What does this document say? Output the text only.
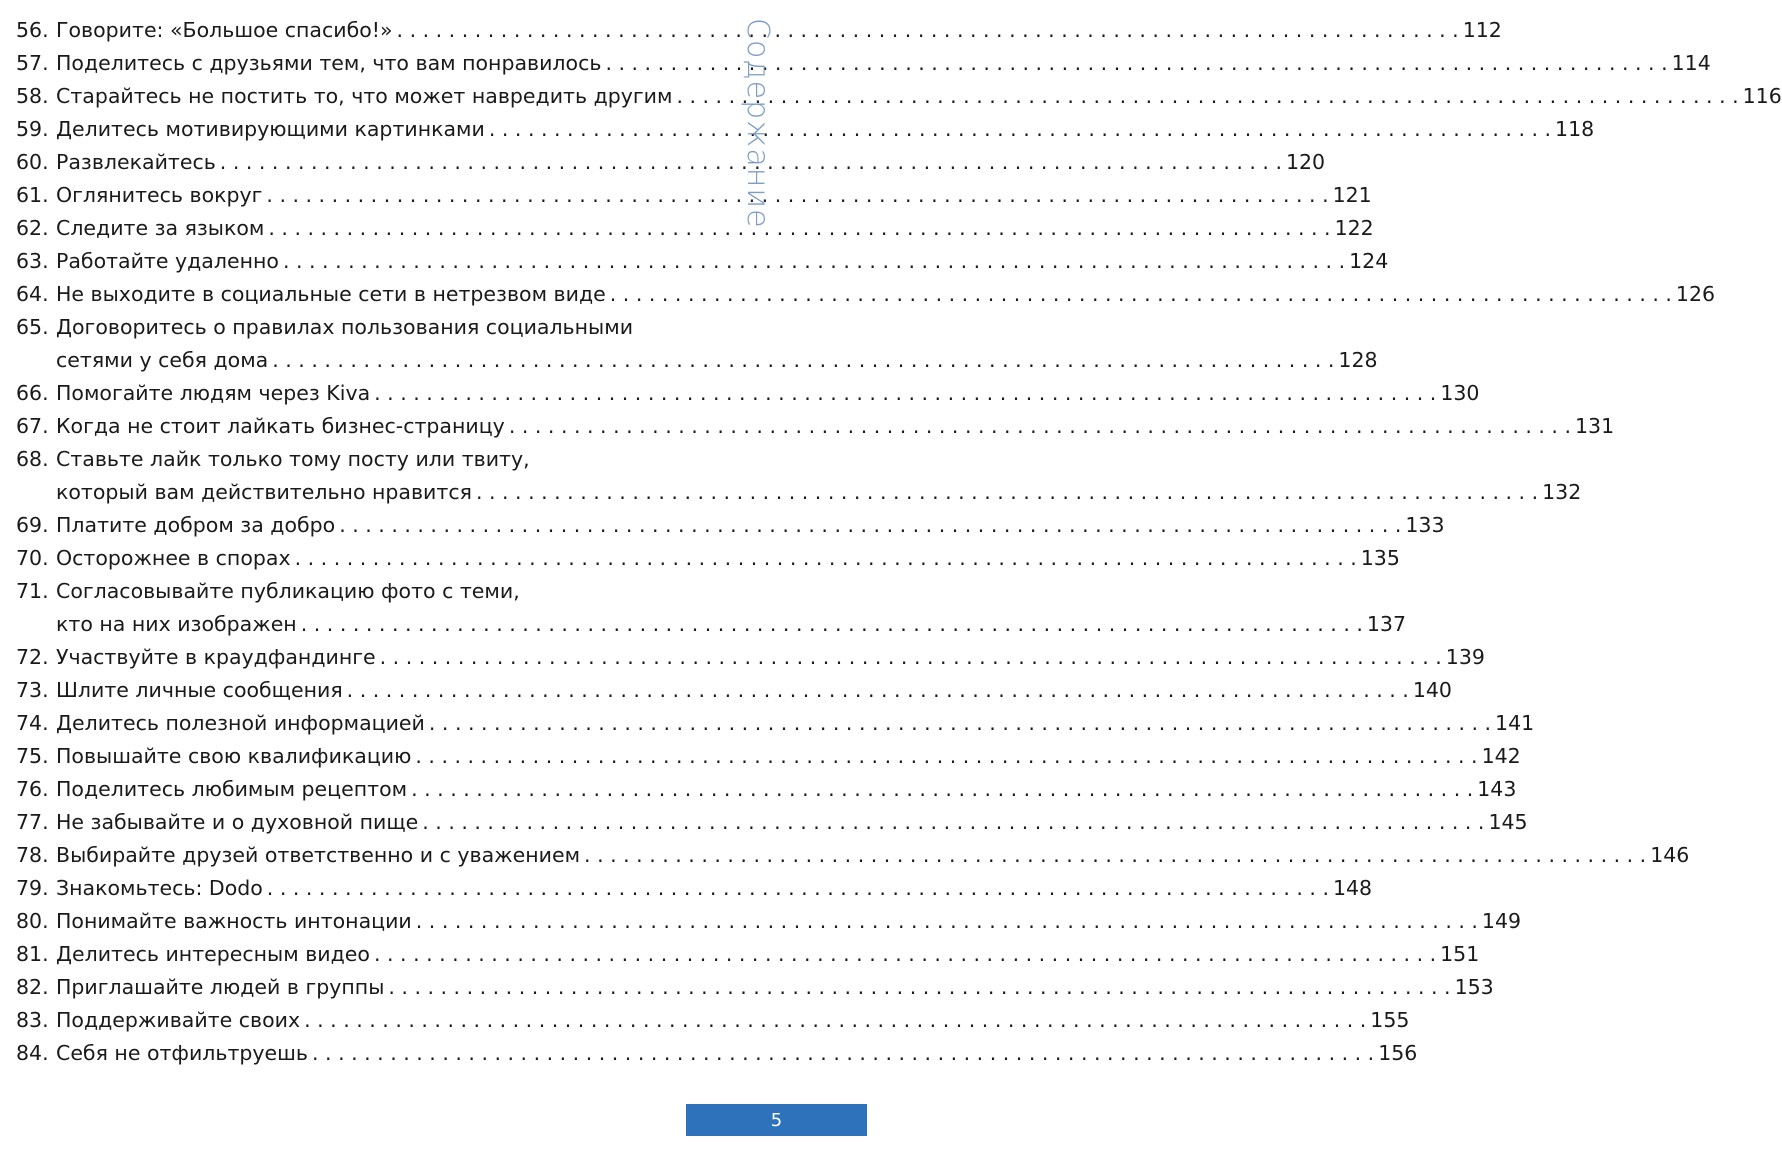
56. Говорите: «Большое спасибо!» . . .	112
57. Поделитесь с друзьями тем, что вам понравилось . . .	114
58. Старайтесь не постить то, что может навредить другим . . .	116
59. Делитесь мотивирующими картинками . . .	118
60. Развлекайтесь . . .	120
61. Оглянитесь вокруг . . .	121
62. Следите за языком . . .	122
63. Работайте удаленно . . .	124
64. Не выходите в социальные сети в нетрезвом виде . . .	126
65. Договоритесь о правилах пользования социальными
сетями у себя дома . . .	128
66. Помогайте людям через Kiva . . .	130
67. Когда не стоит лайкать бизнес-страницу . . .	131
68. Ставьте лайк только тому посту или твиту,
который вам действительно нравится . . .	132
69. Платите добром за добро . . .	133
70. Осторожнее в спорах . . .	135
71. Согласовывайте публикацию фото с теми,
кто на них изображен . . .	137
72. Участвуйте в краудфандинге . . .	139
73. Шлите личные сообщения . . .	140
74. Делитесь полезной информацией . . .	141
75. Повышайте свою квалификацию . . .	142
76. Поделитесь любимым рецептом . . .	143
77. Не забывайте и о духовной пище . . .	145
78. Выбирайте друзей ответственно и с уважением . . .	146
79. Знакомьтесь: Dodo . . .	148
80. Понимайте важность интонации . . .	149
81. Делитесь интересным видео . . .	151
82. Приглашайте людей в группы . . .	153
83. Поддерживайте своих . . .	155
84. Себя не отфильтруешь . . .	156
Содержание
5
